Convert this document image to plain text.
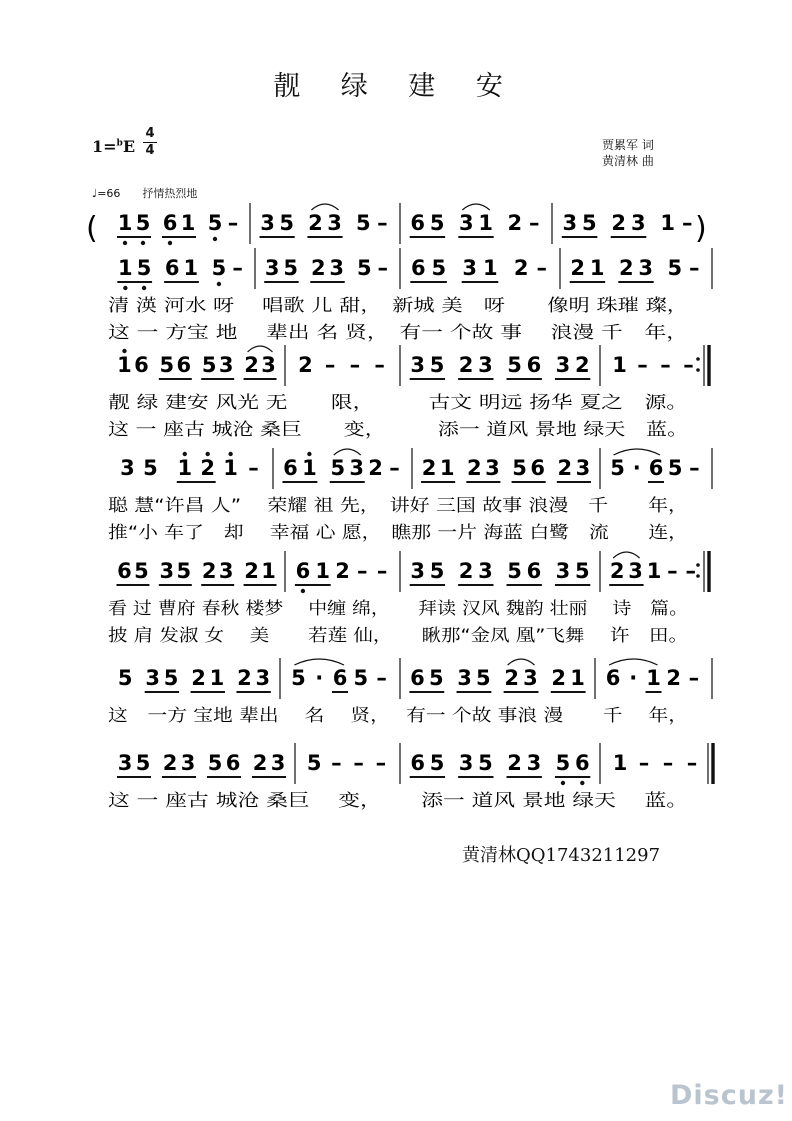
靓 绿 建 安
1=$^b$E
4
4	贾累军 词
黄清林 曲
♩=66 抒情热烈地
( 1 5 6 1 5 – 3 5 2 3 5 – 6 5 3 1 2 – 3 5 2 3 1 – )
1 5 6 1 5 – 3 5 2 3 5 – 6 5 3 1 2 – 2 1 2 3 5 –
清 渶 河水 呀　 唱歌 儿 甜，　新城 美　呀　　像明 珠璀 璨，
这 一 方宝 地　 辈出 名 贤，　有一 个故 事　 浪漫 千　年，
1 6 5 6 5 3 2 3 2 – – – 3 5 2 3 5 6 3 2 1 – – –
靓 绿 建安 风光 无　　限，　　　古文 明远 扬华 夏之　源。
这 一 座古 城沧 桑巨　　变，　　　添一 道风 景地 绿天　蓝。
3 5 1 2 1 – 6 1 5 3 2 – 2 1 2 3 5 6 2 3 5 · 6 5 –
聪 慧“许昌 人”　 荣耀 祖 先，　讲好 三国 故事 浪漫　千　　年，
推“小 车了　却　 幸福 心 愿，　瞧那 一片 海蓝 白鹭　流　　连，
6 5 3 5 2 3 2 1 6 1 2 – – 3 5 2 3 5 6 3 5 2 3 1 – –
看 过 曹府 春秋 楼梦　 中缠 绵，　　拜读 汉风 魏韵 壮丽　 诗　篇。
披 肩 发淑 女　 美　　若莲 仙，　　瞅那“金凤 凰”飞舞　 许　田。
5 3 5 2 1 2 3 5 · 6 5 – 6 5 3 5 2 3 2 1 6 · 1 2 –
这　一方 宝地 辈出　 名　 贤，　 有一 个故 事浪 漫　　千　 年，
3 5 2 3 5 6 2 3 5 – – – 6 5 3 5 2 3 5 6 1 – – –
这 一 座古 城沧 桑巨　 变，　　 添一 道风 景地 绿天　 蓝。
黄清林QQ1743211297
Discuz!
